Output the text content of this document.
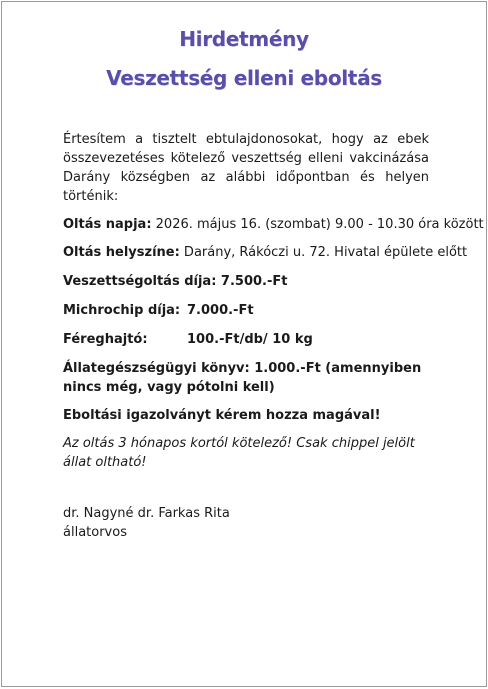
Hirdetmény
Veszettség elleni eboltás

Értesítem a tisztelt ebtulajdonosokat, hogy az ebek összevezetéses kötelező veszettség elleni vakcinázása Darány községben az alábbi időpontban és helyen történik:

Oltás napja: 2026. május 16. (szombat) 9.00 - 10.30 óra között

Oltás helyszíne: Darány, Rákóczi u. 72. Hivatal épülete előtt

Veszettségoltás díja: 7.500.-Ft

Michrochip díja: 7.000.-Ft
Féreghajtó:	100.-Ft/db/ 10 kg

Állategészségügyi könyv: 1.000.-Ft (amennyiben nincs még, vagy pótolni kell)

Eboltási igazolványt kérem hozza magával!

Az oltás 3 hónapos kortól kötelező! Csak chippel jelölt állat oltható!

dr. Nagyné dr. Farkas Rita

állatorvos
